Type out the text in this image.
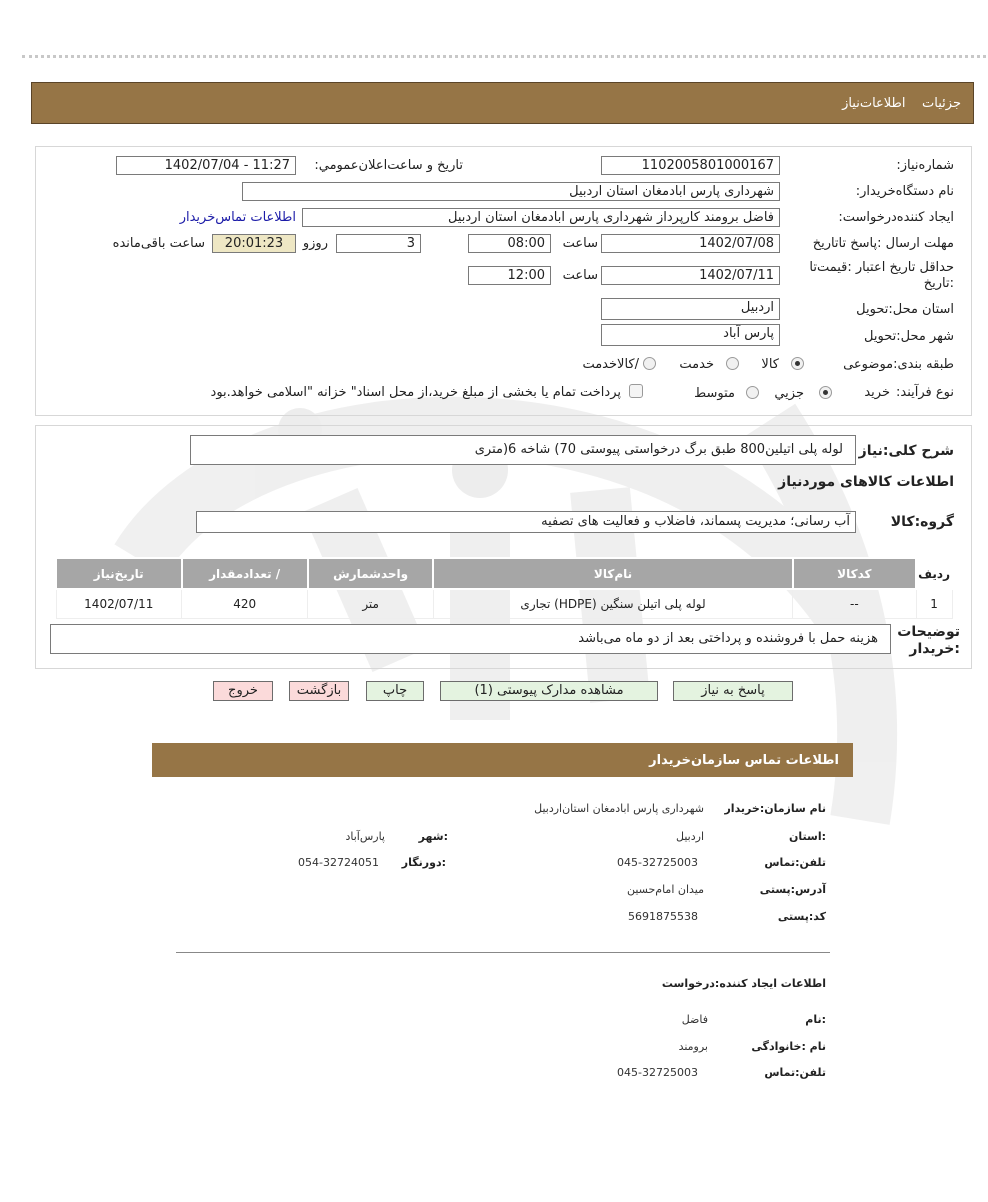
جزئیات    اطلاعات‌نیاز
شماره‌نیاز:
1102005801000167
تاریخ و ساعت‌اعلان‌عمومي:
1402/07/04 - 11:27
نام دستگاه‌خریدار:
شهرداری پارس ابادمغان استان اردبیل
ایجاد کننده‌درخواست:
فاضل برومند کارپرداز شهرداری پارس ابادمغان استان اردبیل
اطلاعات تماس‌خریدار
مهلت ارسال :پاسخ تا‌تاریخ
1402/07/08
ساعت
08:00
3
روزو
20:01:23
ساعت باقی‌مانده
حداقل تاریخ اعتبار :قیمت‌تا
:تاریخ
1402/07/11
ساعت
12:00
استان محل:تحویل
اردبیل
شهر محل:تحویل
پارس آباد
طبقه بندی:موضوعی
کالا
خدمت
/کالاخدمت
نوع فرآیند:
خرید
جزیي
متوسط
پرداخت تمام یا بخشی از مبلغ خرید،از محل اسناد" خزانه "اسلامی خواهد.بود
شرح کلی:نیاز
لوله پلی اتیلین800 طبق برگ درخواستی پیوستی 70) شاخه 6(متری
اطلاعات کالاهای موردنیاز
گروه:کالا
آب رسانی؛ مدیریت پسماند، فاضلاب و فعالیت های تصفیه
ردیف	کدکالا	نام‌کالا	واحدشمارش	/ تعدادمقدار	تاریخ‌نیاز
1	--	لوله پلی اتیلن سنگین (HDPE) تجاری	متر	420	1402/07/11
توضیحات
:خریدار
هزینه حمل با فروشنده و پرداختی بعد از دو ماه می‌باشد
پاسخ به نیاز
مشاهده مدارک پیوستی (1)
چاپ
بازگشت
خروج
اطلاعات تماس سازمان‌خریدار
نام سازمان:خریدار
شهرداری پارس ابادمغان استان‌اردبیل
:استان
اردبیل
:شهر
پارس‌آباد
تلفن:تماس
045-32725003
:دورنگار
054-32724051
آدرس:پستی
میدان امام‌حسین
کد:پستی
5691875538
اطلاعات ایجاد کننده:درخواست
:نام
فاضل
نام :خانوادگی
برومند
تلفن:تماس
045-32725003
